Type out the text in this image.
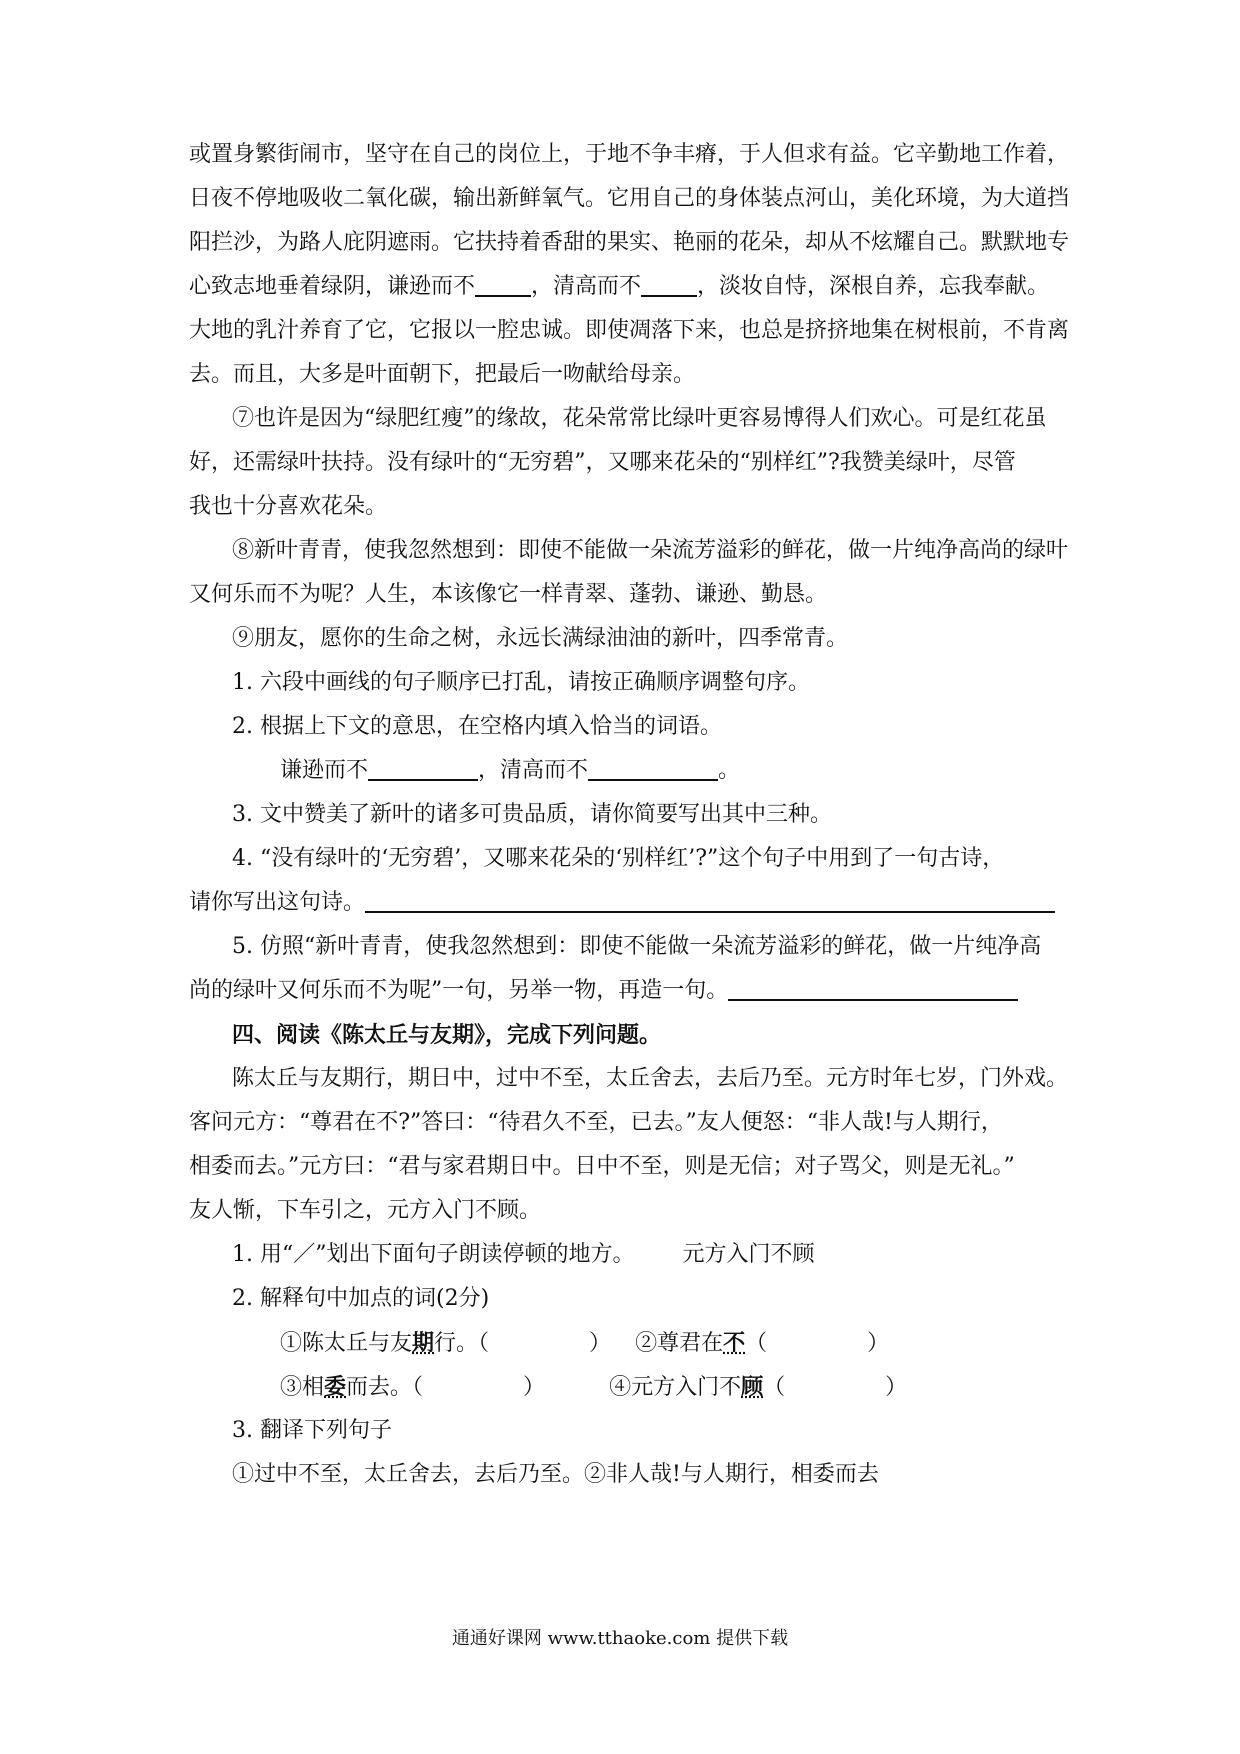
或置身繁街闹市，坚守在自己的岗位上，于地不争丰瘠，于人但求有益。它辛勤地工作着，
日夜不停地吸收二氧化碳，输出新鲜氧气。它用自己的身体装点河山，美化环境，为大道挡
阳拦沙，为路人庇阴遮雨。它扶持着香甜的果实、艳丽的花朵，却从不炫耀自己。默默地专
心致志地垂着绿阴，谦逊而不	，清高而不	，淡妆自恃，深根自养，忘我奉献。
大地的乳汁养育了它，它报以一腔忠诚。即使凋落下来，也总是挤挤地集在树根前，不肯离
去。而且，大多是叶面朝下，把最后一吻献给母亲。
⑦也许是因为“绿肥红瘦”的缘故，花朵常常比绿叶更容易博得人们欢心。可是红花虽
好，还需绿叶扶持。没有绿叶的“无穷碧”，又哪来花朵的“别样红”?我赞美绿叶，尽管
我也十分喜欢花朵。
⑧新叶青青，使我忽然想到：即使不能做一朵流芳溢彩的鲜花，做一片纯净高尚的绿叶
又何乐而不为呢？人生，本该像它一样青翠、蓬勃、谦逊、勤恳。
⑨朋友，愿你的生命之树，永远长满绿油油的新叶，四季常青。
1. 六段中画线的句子顺序已打乱，请按正确顺序调整句序。
2. 根据上下文的意思，在空格内填入恰当的词语。
谦逊而不	，清高而不	。
3. 文中赞美了新叶的诸多可贵品质，请你简要写出其中三种。
4. “没有绿叶的‘无穷碧’，又哪来花朵的‘别样红’?”这个句子中用到了一句古诗，
请你写出这句诗。
5. 仿照“新叶青青，使我忽然想到：即使不能做一朵流芳溢彩的鲜花，做一片纯净高
尚的绿叶又何乐而不为呢”一句，另举一物，再造一句。
四、阅读《陈太丘与友期》，完成下列问题。
陈太丘与友期行，期日中，过中不至，太丘舍去，去后乃至。元方时年七岁，门外戏。
客问元方：“尊君在不?”答曰：“待君久不至，已去。”友人便怒：“非人哉!与人期行，
相委而去。”元方曰：“君与家君期日中。日中不至，则是无信；对子骂父，则是无礼。”
友人惭，下车引之，元方入门不顾。
1. 用“／”划出下面句子朗读停顿的地方。 元方入门不顾
2. 解释句中加点的词(2分)
①陈太丘与友期行。（	） ②尊君在不（	）
③相委而去。（	）	④元方入门不顾（	）
3. 翻译下列句子
①过中不至，太丘舍去，去后乃至。②非人哉!与人期行，相委而去
通通好课网 www.tthaoke.com 提供下载
